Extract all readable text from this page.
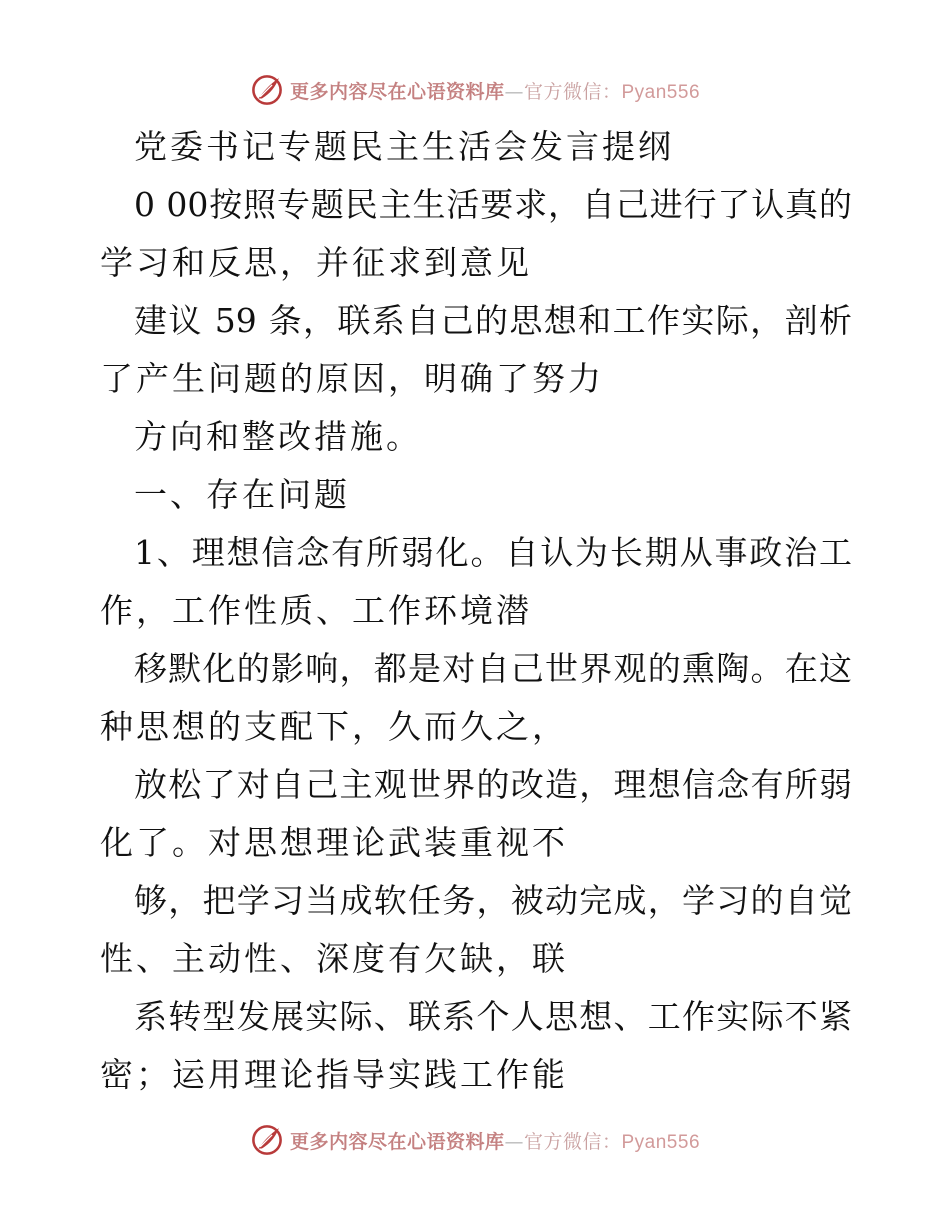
更多内容尽在心语资料库—官方微信：Pyan556
党委书记专题民主生活会发言提纲
0 00按照专题民主生活要求，自己进行了认真的
学习和反思，并征求到意见
建议 59 条，联系自己的思想和工作实际，剖析
了产生问题的原因，明确了努力
方向和整改措施。
一、存在问题
1、理想信念有所弱化。自认为长期从事政治工
作，工作性质、工作环境潜
移默化的影响，都是对自己世界观的熏陶。在这
种思想的支配下，久而久之，
放松了对自己主观世界的改造，理想信念有所弱
化了。对思想理论武装重视不
够，把学习当成软任务，被动完成，学习的自觉
性、主动性、深度有欠缺，联
系转型发展实际、联系个人思想、工作实际不紧
密；运用理论指导实践工作能
更多内容尽在心语资料库—官方微信：Pyan556
